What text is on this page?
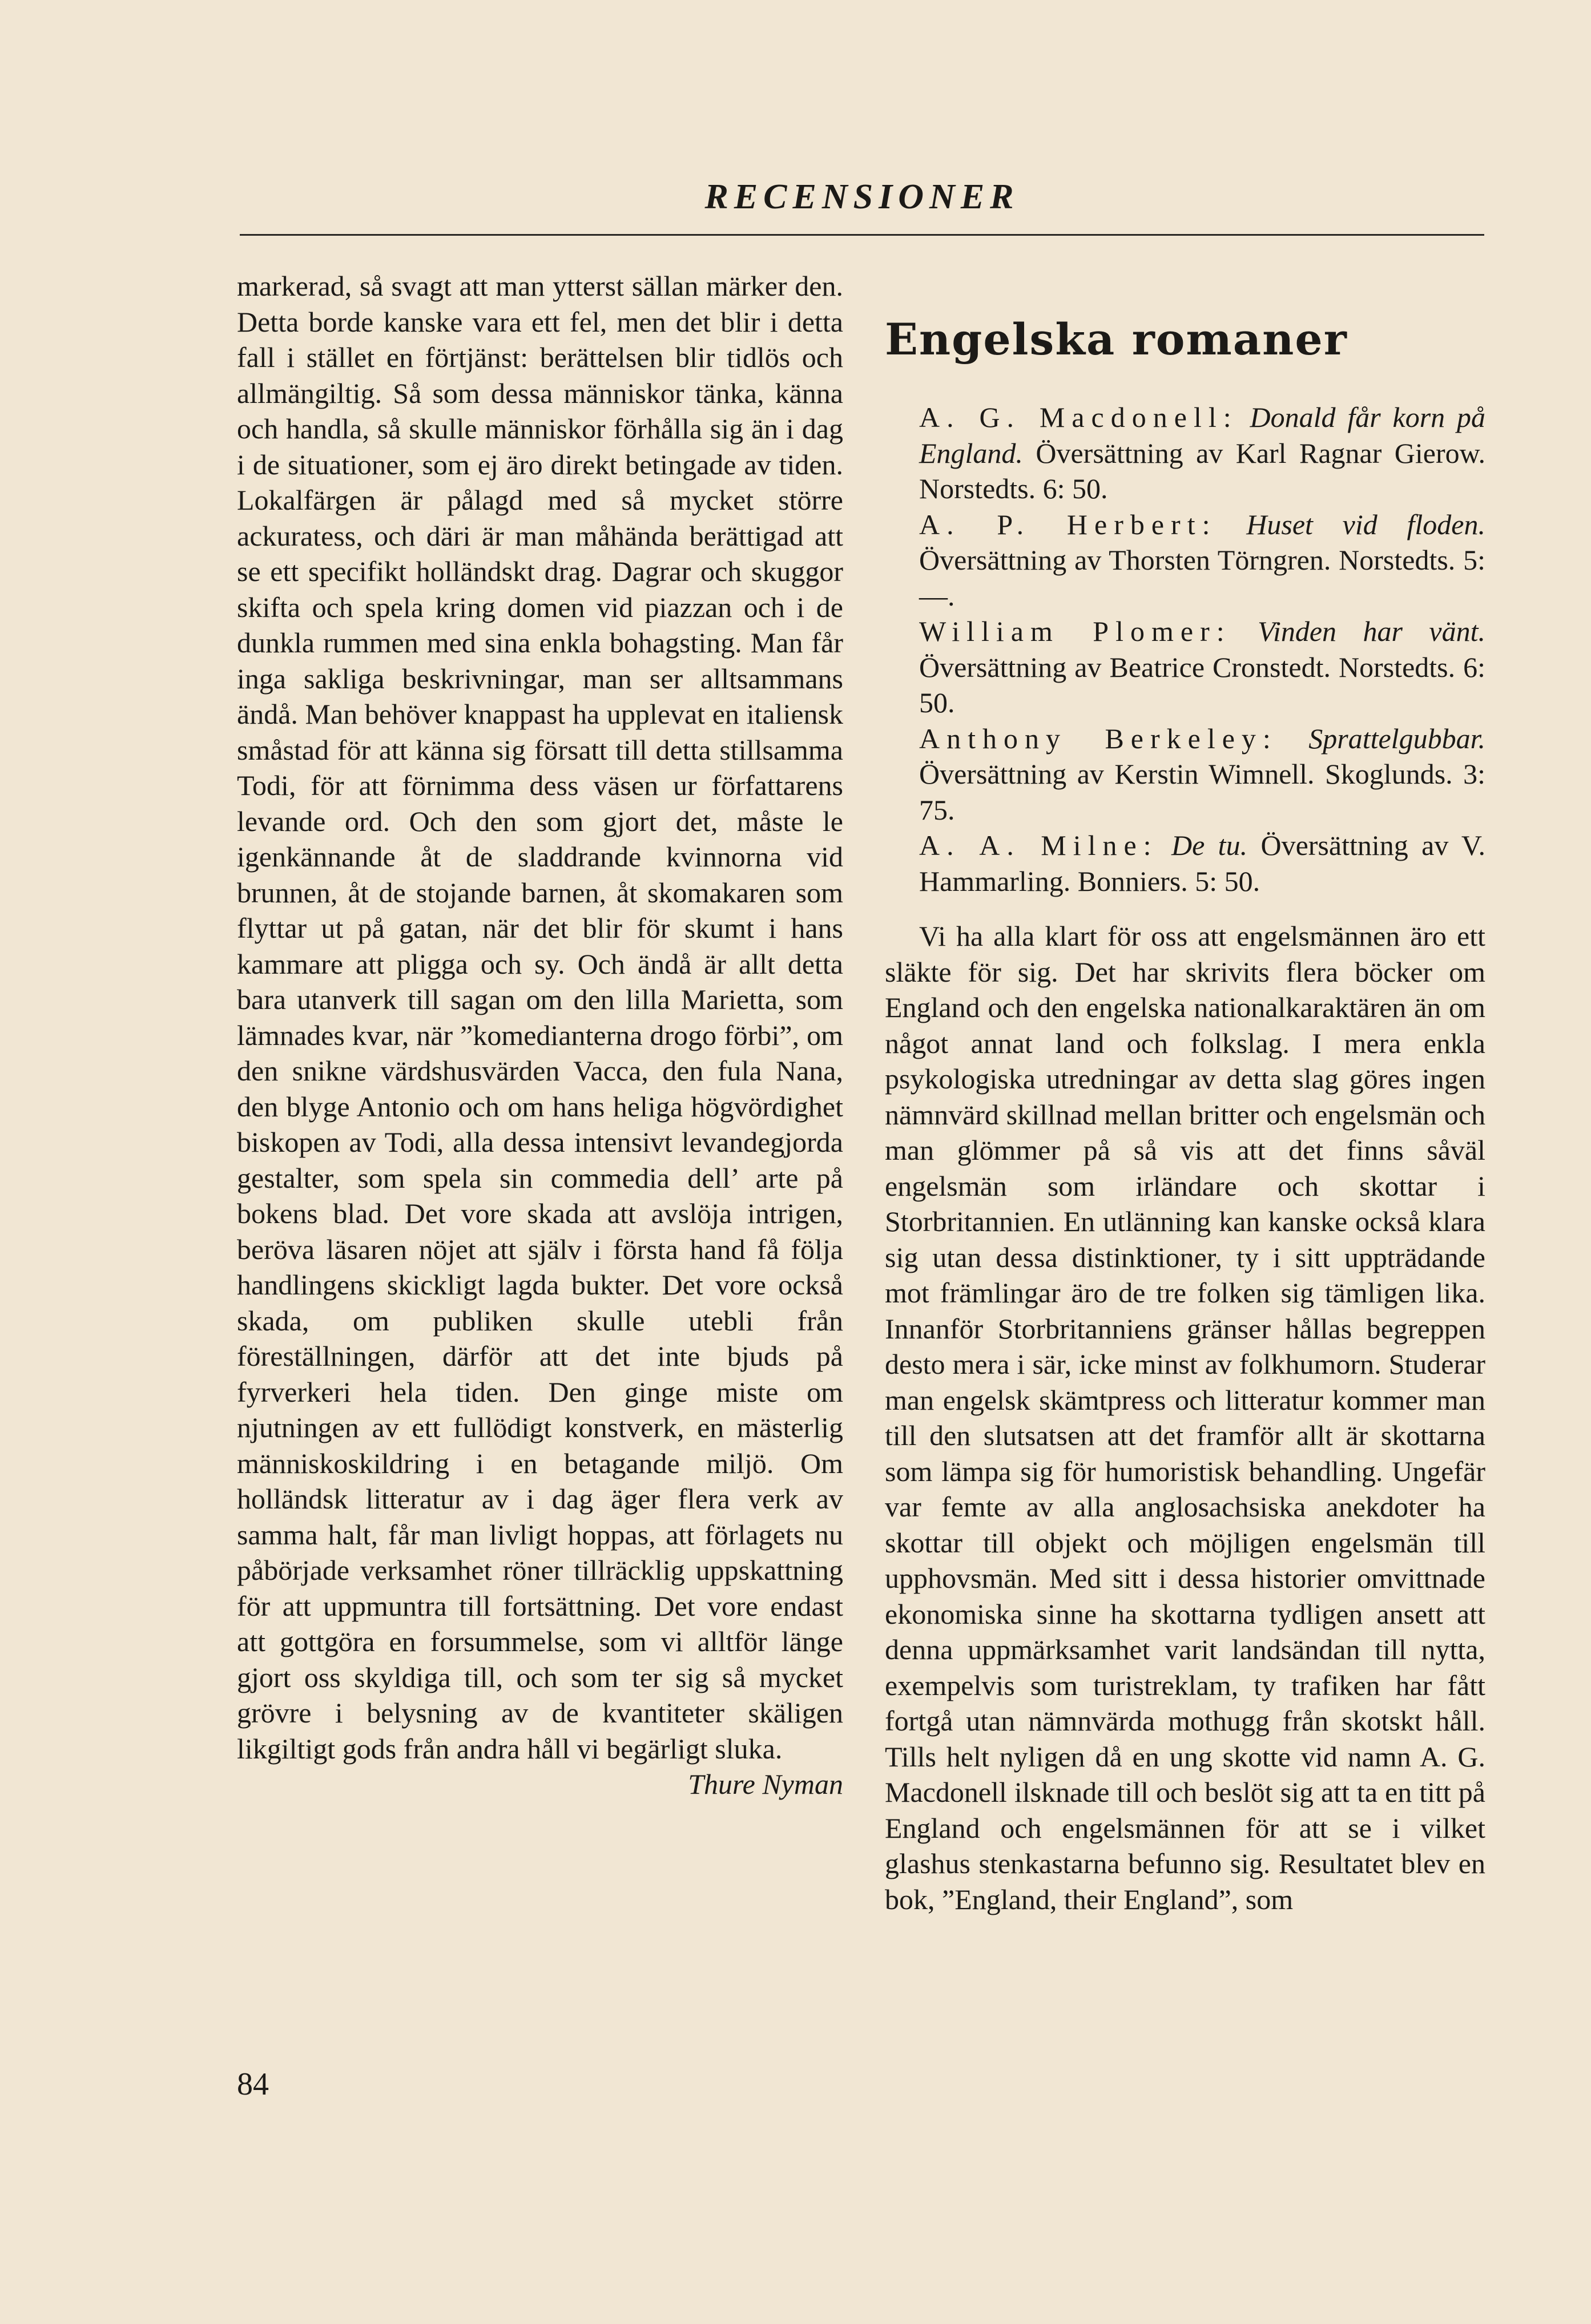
RECENSIONER

markerad, så svagt att man ytterst sällan märker den. Detta borde kanske vara ett fel, men det blir i detta fall i stället en förtjänst: berättelsen blir tidlös och allmängiltig. Så som dessa människor tänka, känna och handla, så skulle människor förhålla sig än i dag i de situationer, som ej äro direkt betingade av tiden. Lokalfärgen är pålagd med så mycket större ackuratess, och däri är man måhända berättigad att se ett specifikt holländskt drag. Dagrar och skuggor skifta och spela kring domen vid piazzan och i de dunkla rummen med sina enkla bohagsting. Man får inga sakliga beskrivningar, man ser alltsammans ändå. Man behöver knappast ha upplevat en italiensk småstad för att känna sig försatt till detta stillsamma Todi, för att förnimma dess väsen ur författarens levande ord. Och den som gjort det, måste le igenkännande åt de sladdrande kvinnorna vid brunnen, åt de stojande barnen, åt skomakaren som flyttar ut på gatan, när det blir för skumt i hans kammare att pligga och sy. Och ändå är allt detta bara utanverk till sagan om den lilla Marietta, som lämnades kvar, när ”komedianterna drogo förbi”, om den snikne värdshusvärden Vacca, den fula Nana, den blyge Antonio och om hans heliga högvördighet biskopen av Todi, alla dessa intensivt levandegjorda gestalter, som spela sin commedia dell’ arte på bokens blad. Det vore skada att avslöja intrigen, beröva läsaren nöjet att själv i första hand få följa handlingens skickligt lagda bukter. Det vore också skada, om publiken skulle utebli från föreställningen, därför att det inte bjuds på fyrverkeri hela tiden. Den ginge miste om njutningen av ett fullödigt konstverk, en mästerlig människoskildring i en betagande miljö. Om holländsk litteratur av i dag äger flera verk av samma halt, får man livligt hoppas, att förlagets nu påbörjade verksamhet röner tillräcklig uppskattning för att uppmuntra till fortsättning. Det vore endast att gottgöra en forsummelse, som vi alltför länge gjort oss skyldiga till, och som ter sig så mycket grövre i belysning av de kvantiteter skäligen likgiltigt gods från andra håll vi begärligt sluka.

Thure Nyman

Engelska romaner

A. G. Macdonell: Donald får korn på England. Översättning av Karl Ragnar Gierow. Norstedts. 6: 50.

A. P. Herbert: Huset vid floden. Översättning av Thorsten Törngren. Norstedts. 5: —.

William Plomer: Vinden har vänt. Översättning av Beatrice Cronstedt. Norstedts. 6: 50.

Anthony Berkeley: Sprattelgubbar. Översättning av Kerstin Wimnell. Skoglunds. 3: 75.

A. A. Milne: De tu. Översättning av V. Hammarling. Bonniers. 5: 50.

Vi ha alla klart för oss att engelsmännen äro ett släkte för sig. Det har skrivits flera böcker om England och den engelska nationalkaraktären än om något annat land och folkslag. I mera enkla psykologiska utredningar av detta slag göres ingen nämnvärd skillnad mellan britter och engelsmän och man glömmer på så vis att det finns såväl engelsmän som irländare och skottar i Storbritannien. En utlänning kan kanske också klara sig utan dessa distinktioner, ty i sitt uppträdande mot främlingar äro de tre folken sig tämligen lika. Innanför Storbritanniens gränser hållas begreppen desto mera i sär, icke minst av folkhumorn. Studerar man engelsk skämtpress och litteratur kommer man till den slutsatsen att det framför allt är skottarna som lämpa sig för humoristisk behandling. Ungefär var femte av alla anglosachsiska anekdoter ha skottar till objekt och möjligen engelsmän till upphovsmän. Med sitt i dessa historier omvittnade ekonomiska sinne ha skottarna tydligen ansett att denna uppmärksamhet varit landsändan till nytta, exempelvis som turistreklam, ty trafiken har fått fortgå utan nämnvärda mothugg från skotskt håll. Tills helt nyligen då en ung skotte vid namn A. G. Macdonell ilsknade till och beslöt sig att ta en titt på England och engelsmännen för att se i vilket glashus stenkastarna befunno sig. Resultatet blev en bok, ”England, their England”, som

84
